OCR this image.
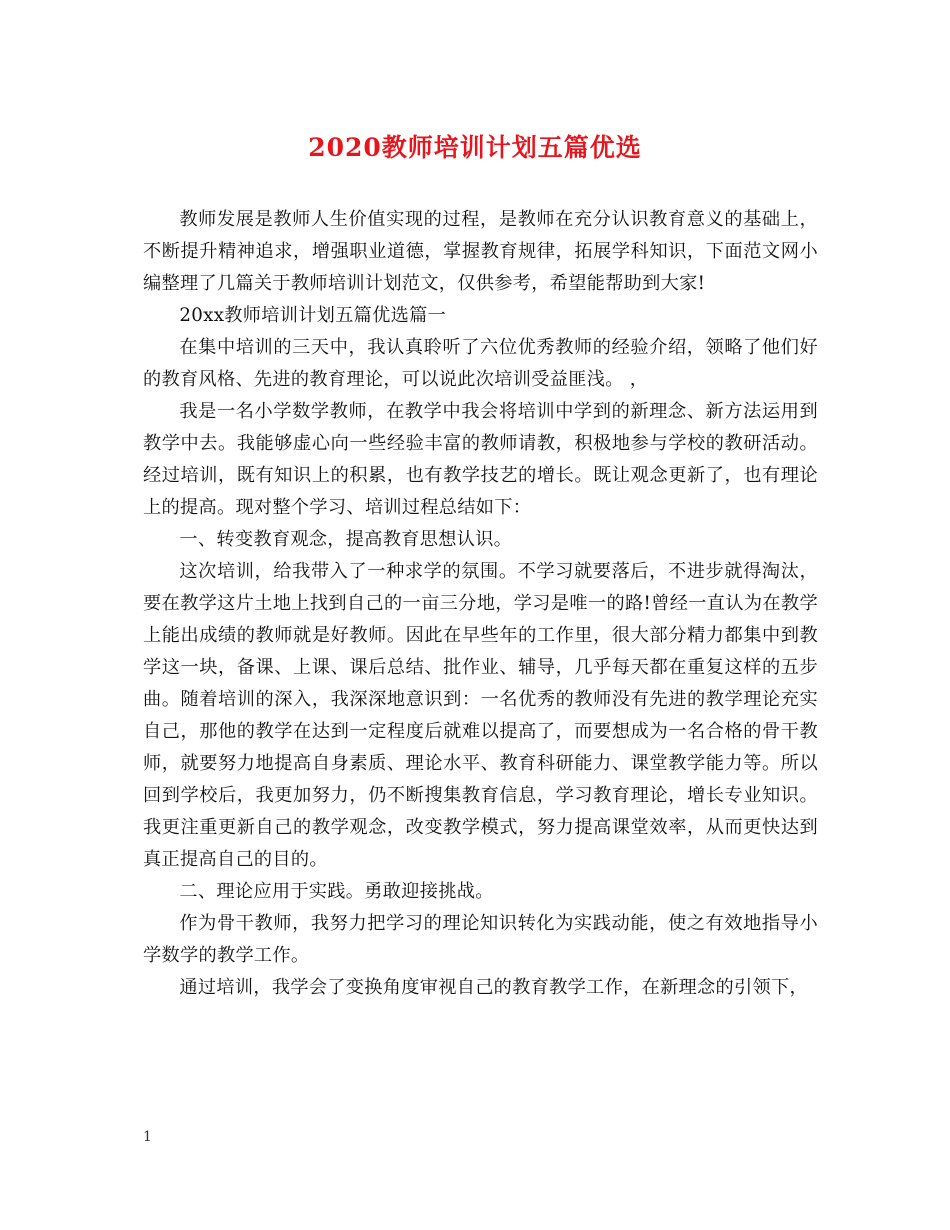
2020教师培训计划五篇优选

教师发展是教师人生价值实现的过程，是教师在充分认识教育意义的基础上，不断提升精神追求，增强职业道德，掌握教育规律，拓展学科知识，下面范文网小编整理了几篇关于教师培训计划范文，仅供参考，希望能帮助到大家!

20xx教师培训计划五篇优选篇一

在集中培训的三天中，我认真聆听了六位优秀教师的经验介绍，领略了他们好的教育风格、先进的教育理论，可以说此次培训受益匪浅。 ，

我是一名小学数学教师，在教学中我会将培训中学到的新理念、新方法运用到教学中去。我能够虚心向一些经验丰富的教师请教，积极地参与学校的教研活动。经过培训，既有知识上的积累，也有教学技艺的增长。既让观念更新了，也有理论上的提高。现对整个学习、培训过程总结如下：

一、转变教育观念，提高教育思想认识。

这次培训，给我带入了一种求学的氛围。不学习就要落后，不进步就得淘汰，要在教学这片土地上找到自己的一亩三分地，学习是唯一的路!曾经一直认为在教学上能出成绩的教师就是好教师。因此在早些年的工作里，很大部分精力都集中到教学这一块，备课、上课、课后总结、批作业、辅导，几乎每天都在重复这样的五步曲。随着培训的深入，我深深地意识到：一名优秀的教师没有先进的教学理论充实自己，那他的教学在达到一定程度后就难以提高了，而要想成为一名合格的骨干教师，就要努力地提高自身素质、理论水平、教育科研能力、课堂教学能力等。所以回到学校后，我更加努力，仍不断搜集教育信息，学习教育理论，增长专业知识。 我更注重更新自己的教学观念，改变教学模式，努力提高课堂效率，从而更快达到真正提高自己的目的。

二、理论应用于实践。勇敢迎接挑战。

作为骨干教师，我努力把学习的理论知识转化为实践动能，使之有效地指导小学数学的教学工作。

通过培训，我学会了变换角度审视自己的教育教学工作，在新理念的引领下，

1
